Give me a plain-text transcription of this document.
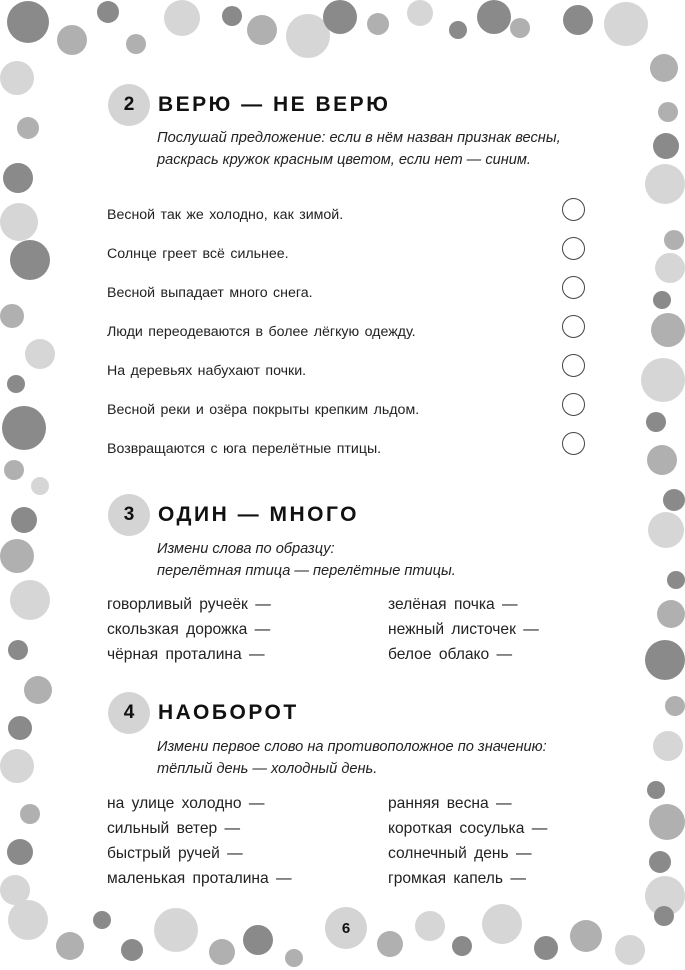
2	ВЕРЮ — НЕ ВЕРЮ
Послушай предложение: если в нём назван признак весны,
раскрась кружок красным цветом, если нет — синим.
Весной так же холодно, как зимой.
Солнце греет всё сильнее.
Весной выпадает много снега.
Люди переодеваются в более лёгкую одежду.
На деревьях набухают почки.
Весной реки и озёра покрыты крепким льдом.
Возвращаются с юга перелётные птицы.
3	ОДИН — МНОГО
Измени слова по образцу:
перелётная птица — перелётные птицы.
говорливый ручеёк —
скользкая дорожка —
чёрная проталина —
зелёная почка —
нежный листочек —
белое облако —
4	НАОБОРОТ
Измени первое слово на противоположное по значению:
тёплый день — холодный день.
на улице холодно —
сильный ветер —
быстрый ручей —
маленькая проталина —
ранняя весна —
короткая сосулька —
солнечный день —
громкая капель —
6
